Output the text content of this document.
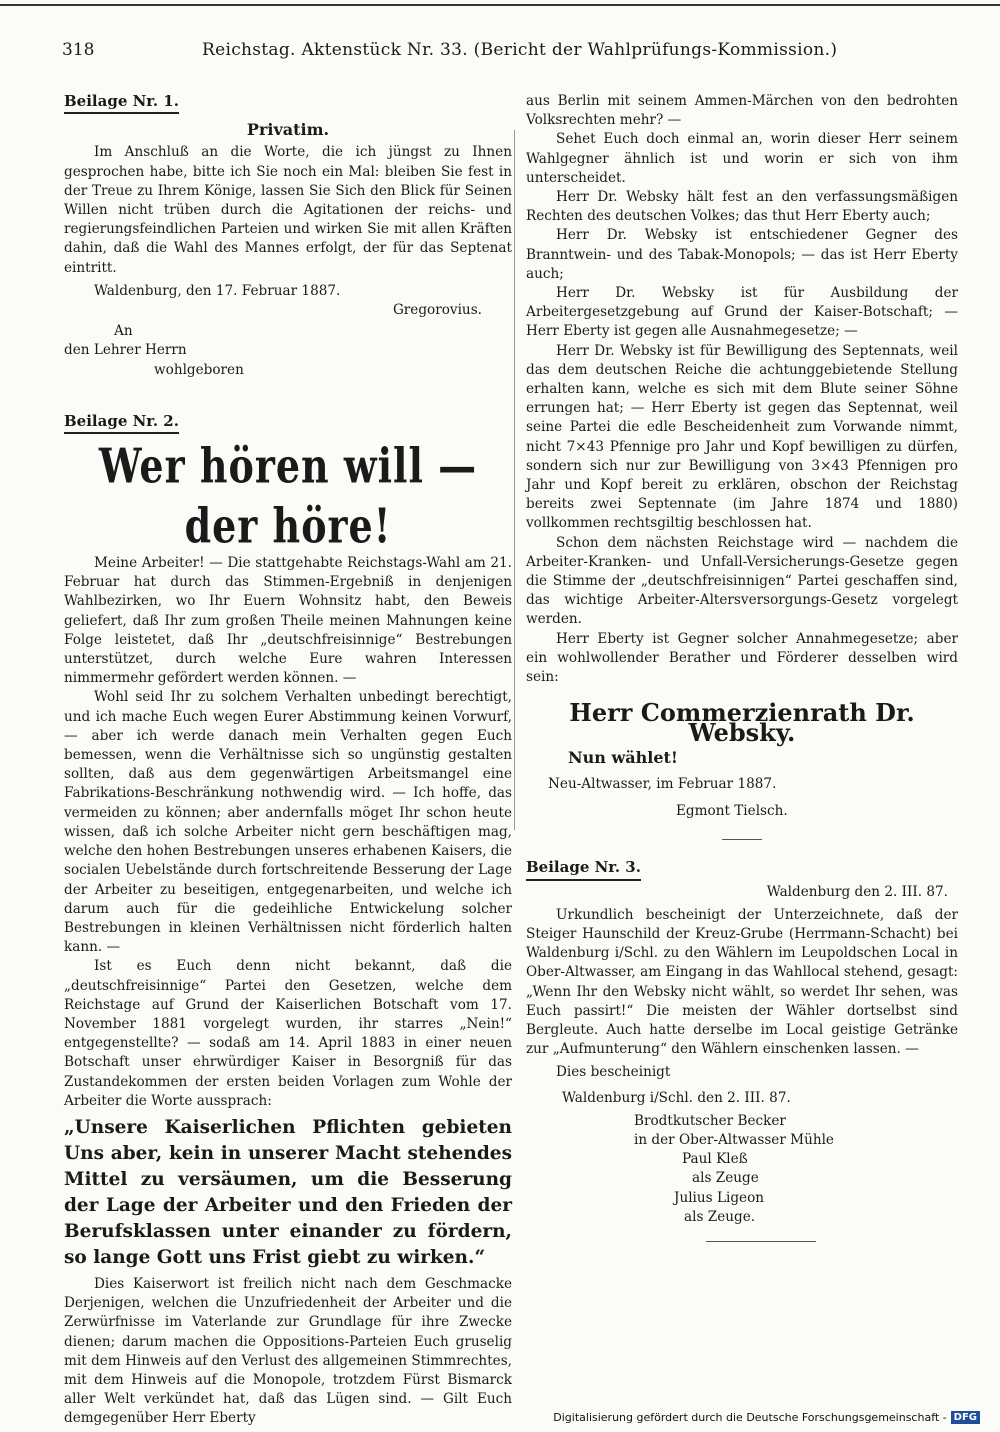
318	Reichstag. Aktenstück Nr. 33. (Bericht der Wahlprüfungs-Kommission.)
Beilage Nr. 1.
Privatim.

Im Anschluß an die Worte, die ich jüngst zu Ihnen gesprochen habe, bitte ich Sie noch ein Mal: bleiben Sie fest in der Treue zu Ihrem Könige, lassen Sie Sich den Blick für Seinen Willen nicht trüben durch die Agitationen der reichs- und regierungsfeindlichen Parteien und wirken Sie mit allen Kräften dahin, daß die Wahl des Mannes erfolgt, der für das Septenat eintritt.

Waldenburg, den 17. Februar 1887.

Gregorovius.

An

den Lehrer Herrn

wohlgeboren

Beilage Nr. 2.
Wer hören will — der höre!

Meine Arbeiter! — Die stattgehabte Reichstags-Wahl am 21. Februar hat durch das Stimmen-Ergebniß in denjenigen Wahlbezirken, wo Ihr Euern Wohnsitz habt, den Beweis geliefert, daß Ihr zum großen Theile meinen Mahnungen keine Folge leistetet, daß Ihr „deutschfreisinnige“ Bestrebungen unterstützet, durch welche Eure wahren Interessen nimmermehr gefördert werden können. —

Wohl seid Ihr zu solchem Verhalten unbedingt berechtigt, und ich mache Euch wegen Eurer Abstimmung keinen Vorwurf, — aber ich werde danach mein Verhalten gegen Euch bemessen, wenn die Verhältnisse sich so ungünstig gestalten sollten, daß aus dem gegenwärtigen Arbeitsmangel eine Fabrikations-Beschränkung nothwendig wird. — Ich hoffe, das vermeiden zu können; aber andernfalls möget Ihr schon heute wissen, daß ich solche Arbeiter nicht gern beschäftigen mag, welche den hohen Bestrebungen unseres erhabenen Kaisers, die socialen Uebelstände durch fortschreitende Besserung der Lage der Arbeiter zu beseitigen, entgegenarbeiten, und welche ich darum auch für die gedeihliche Entwickelung solcher Bestrebungen in kleinen Verhältnissen nicht förderlich halten kann. —

Ist es Euch denn nicht bekannt, daß die „deutschfreisinnige“ Partei den Gesetzen, welche dem Reichstage auf Grund der Kaiserlichen Botschaft vom 17. November 1881 vorgelegt wurden, ihr starres „Nein!“ entgegenstellte? — sodaß am 14. April 1883 in einer neuen Botschaft unser ehrwürdiger Kaiser in Besorgniß für das Zustandekommen der ersten beiden Vorlagen zum Wohle der Arbeiter die Worte aussprach:

„Unsere Kaiserlichen Pflichten gebieten Uns aber, kein in unserer Macht stehendes Mittel zu versäumen, um die Besserung der Lage der Arbeiter und den Frieden der Berufsklassen unter einander zu fördern, so lange Gott uns Frist giebt zu wirken.“

Dies Kaiserwort ist freilich nicht nach dem Geschmacke Derjenigen, welchen die Unzufriedenheit der Arbeiter und die Zerwürfnisse im Vaterlande zur Grundlage für ihre Zwecke dienen; darum machen die Oppositions-Parteien Euch gruselig mit dem Hinweis auf den Verlust des allgemeinen Stimmrechtes, mit dem Hinweis auf die Monopole, trotzdem Fürst Bismarck aller Welt verkündet hat, daß das Lügen sind. — Gilt Euch demgegenüber Herr Eberty

aus Berlin mit seinem Ammen-Märchen von den bedrohten Volksrechten mehr? —

Sehet Euch doch einmal an, worin dieser Herr seinem Wahlgegner ähnlich ist und worin er sich von ihm unterscheidet.

Herr Dr. Websky hält fest an den verfassungsmäßigen Rechten des deutschen Volkes; das thut Herr Eberty auch;

Herr Dr. Websky ist entschiedener Gegner des Branntwein- und des Tabak-Monopols; — das ist Herr Eberty auch;

Herr Dr. Websky ist für Ausbildung der Arbeitergesetzgebung auf Grund der Kaiser-Botschaft; — Herr Eberty ist gegen alle Ausnahmegesetze; —

Herr Dr. Websky ist für Bewilligung des Septennats, weil das dem deutschen Reiche die achtunggebietende Stellung erhalten kann, welche es sich mit dem Blute seiner Söhne errungen hat; — Herr Eberty ist gegen das Septennat, weil seine Partei die edle Bescheidenheit zum Vorwande nimmt, nicht 7×43 Pfennige pro Jahr und Kopf bewilligen zu dürfen, sondern sich nur zur Bewilligung von 3×43 Pfennigen pro Jahr und Kopf bereit zu erklären, obschon der Reichstag bereits zwei Septennate (im Jahre 1874 und 1880) vollkommen rechtsgiltig beschlossen hat.

Schon dem nächsten Reichstage wird — nachdem die Arbeiter-Kranken- und Unfall-Versicherungs-Gesetze gegen die Stimme der „deutschfreisinnigen“ Partei geschaffen sind, das wichtige Arbeiter-Altersversorgungs-Gesetz vorgelegt werden.

Herr Eberty ist Gegner solcher Annahmegesetze; aber ein wohlwollender Berather und Förderer desselben wird sein:

Herr Commerzienrath Dr. Websky.
Nun wählet!

Neu-Altwasser, im Februar 1887.

Egmont Tielsch.

Beilage Nr. 3.

Waldenburg den 2. III. 87.

Urkundlich bescheinigt der Unterzeichnete, daß der Steiger Haunschild der Kreuz-Grube (Herrmann-Schacht) bei Waldenburg i/Schl. zu den Wählern im Leupoldschen Local in Ober-Altwasser, am Eingang in das Wahllocal stehend, gesagt: „Wenn Ihr den Websky nicht wählt, so werdet Ihr sehen, was Euch passirt!“ Die meisten der Wähler dortselbst sind Bergleute. Auch hatte derselbe im Local geistige Getränke zur „Aufmunterung“ den Wählern einschenken lassen. —

Dies bescheinigt

Waldenburg i/Schl. den 2. III. 87.

Brodtkutscher Becker

in der Ober-Altwasser Mühle

Paul Kleß

als Zeuge

Julius Ligeon

als Zeuge.

Digitalisierung gefördert durch die Deutsche Forschungsgemeinschaft - DFG
